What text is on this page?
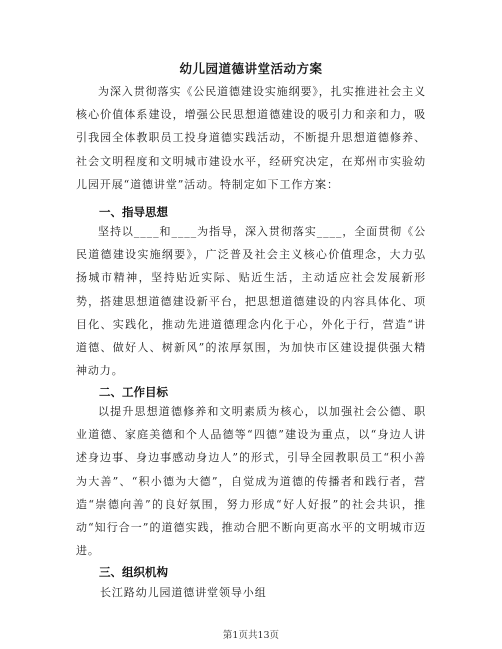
幼儿园道德讲堂活动方案
为深入贯彻落实《公民道德建设实施纲要》，扎实推进社会主义核心价值体系建设，增强公民思想道德建设的吸引力和亲和力，吸引我园全体教职员工投身道德实践活动，不断提升思想道德修养、社会文明程度和文明城市建设水平，经研究决定，在郑州市实验幼儿园开展“道德讲堂”活动。特制定如下工作方案：
一、指导思想
坚持以____和____为指导，深入贯彻落实____，全面贯彻《公民道德建设实施纲要》，广泛普及社会主义核心价值理念，大力弘扬城市精神，坚持贴近实际、贴近生活，主动适应社会发展新形势，搭建思想道德建设新平台，把思想道德建设的内容具体化、项目化、实践化，推动先进道德理念内化于心，外化于行，营造“讲道德、做好人、树新风”的浓厚氛围，为加快市区建设提供强大精神动力。
二、工作目标
以提升思想道德修养和文明素质为核心，以加强社会公德、职业道德、家庭美德和个人品德等“四德”建设为重点，以“身边人讲述身边事、身边事感动身边人”的形式，引导全园教职员工“积小善为大善”、“积小德为大德”，自觉成为道德的传播者和践行者，营造“崇德向善”的良好氛围，努力形成“好人好报”的社会共识，推动“知行合一”的道德实践，推动合肥不断向更高水平的文明城市迈进。
三、组织机构
长江路幼儿园道德讲堂领导小组
第1页共13页
